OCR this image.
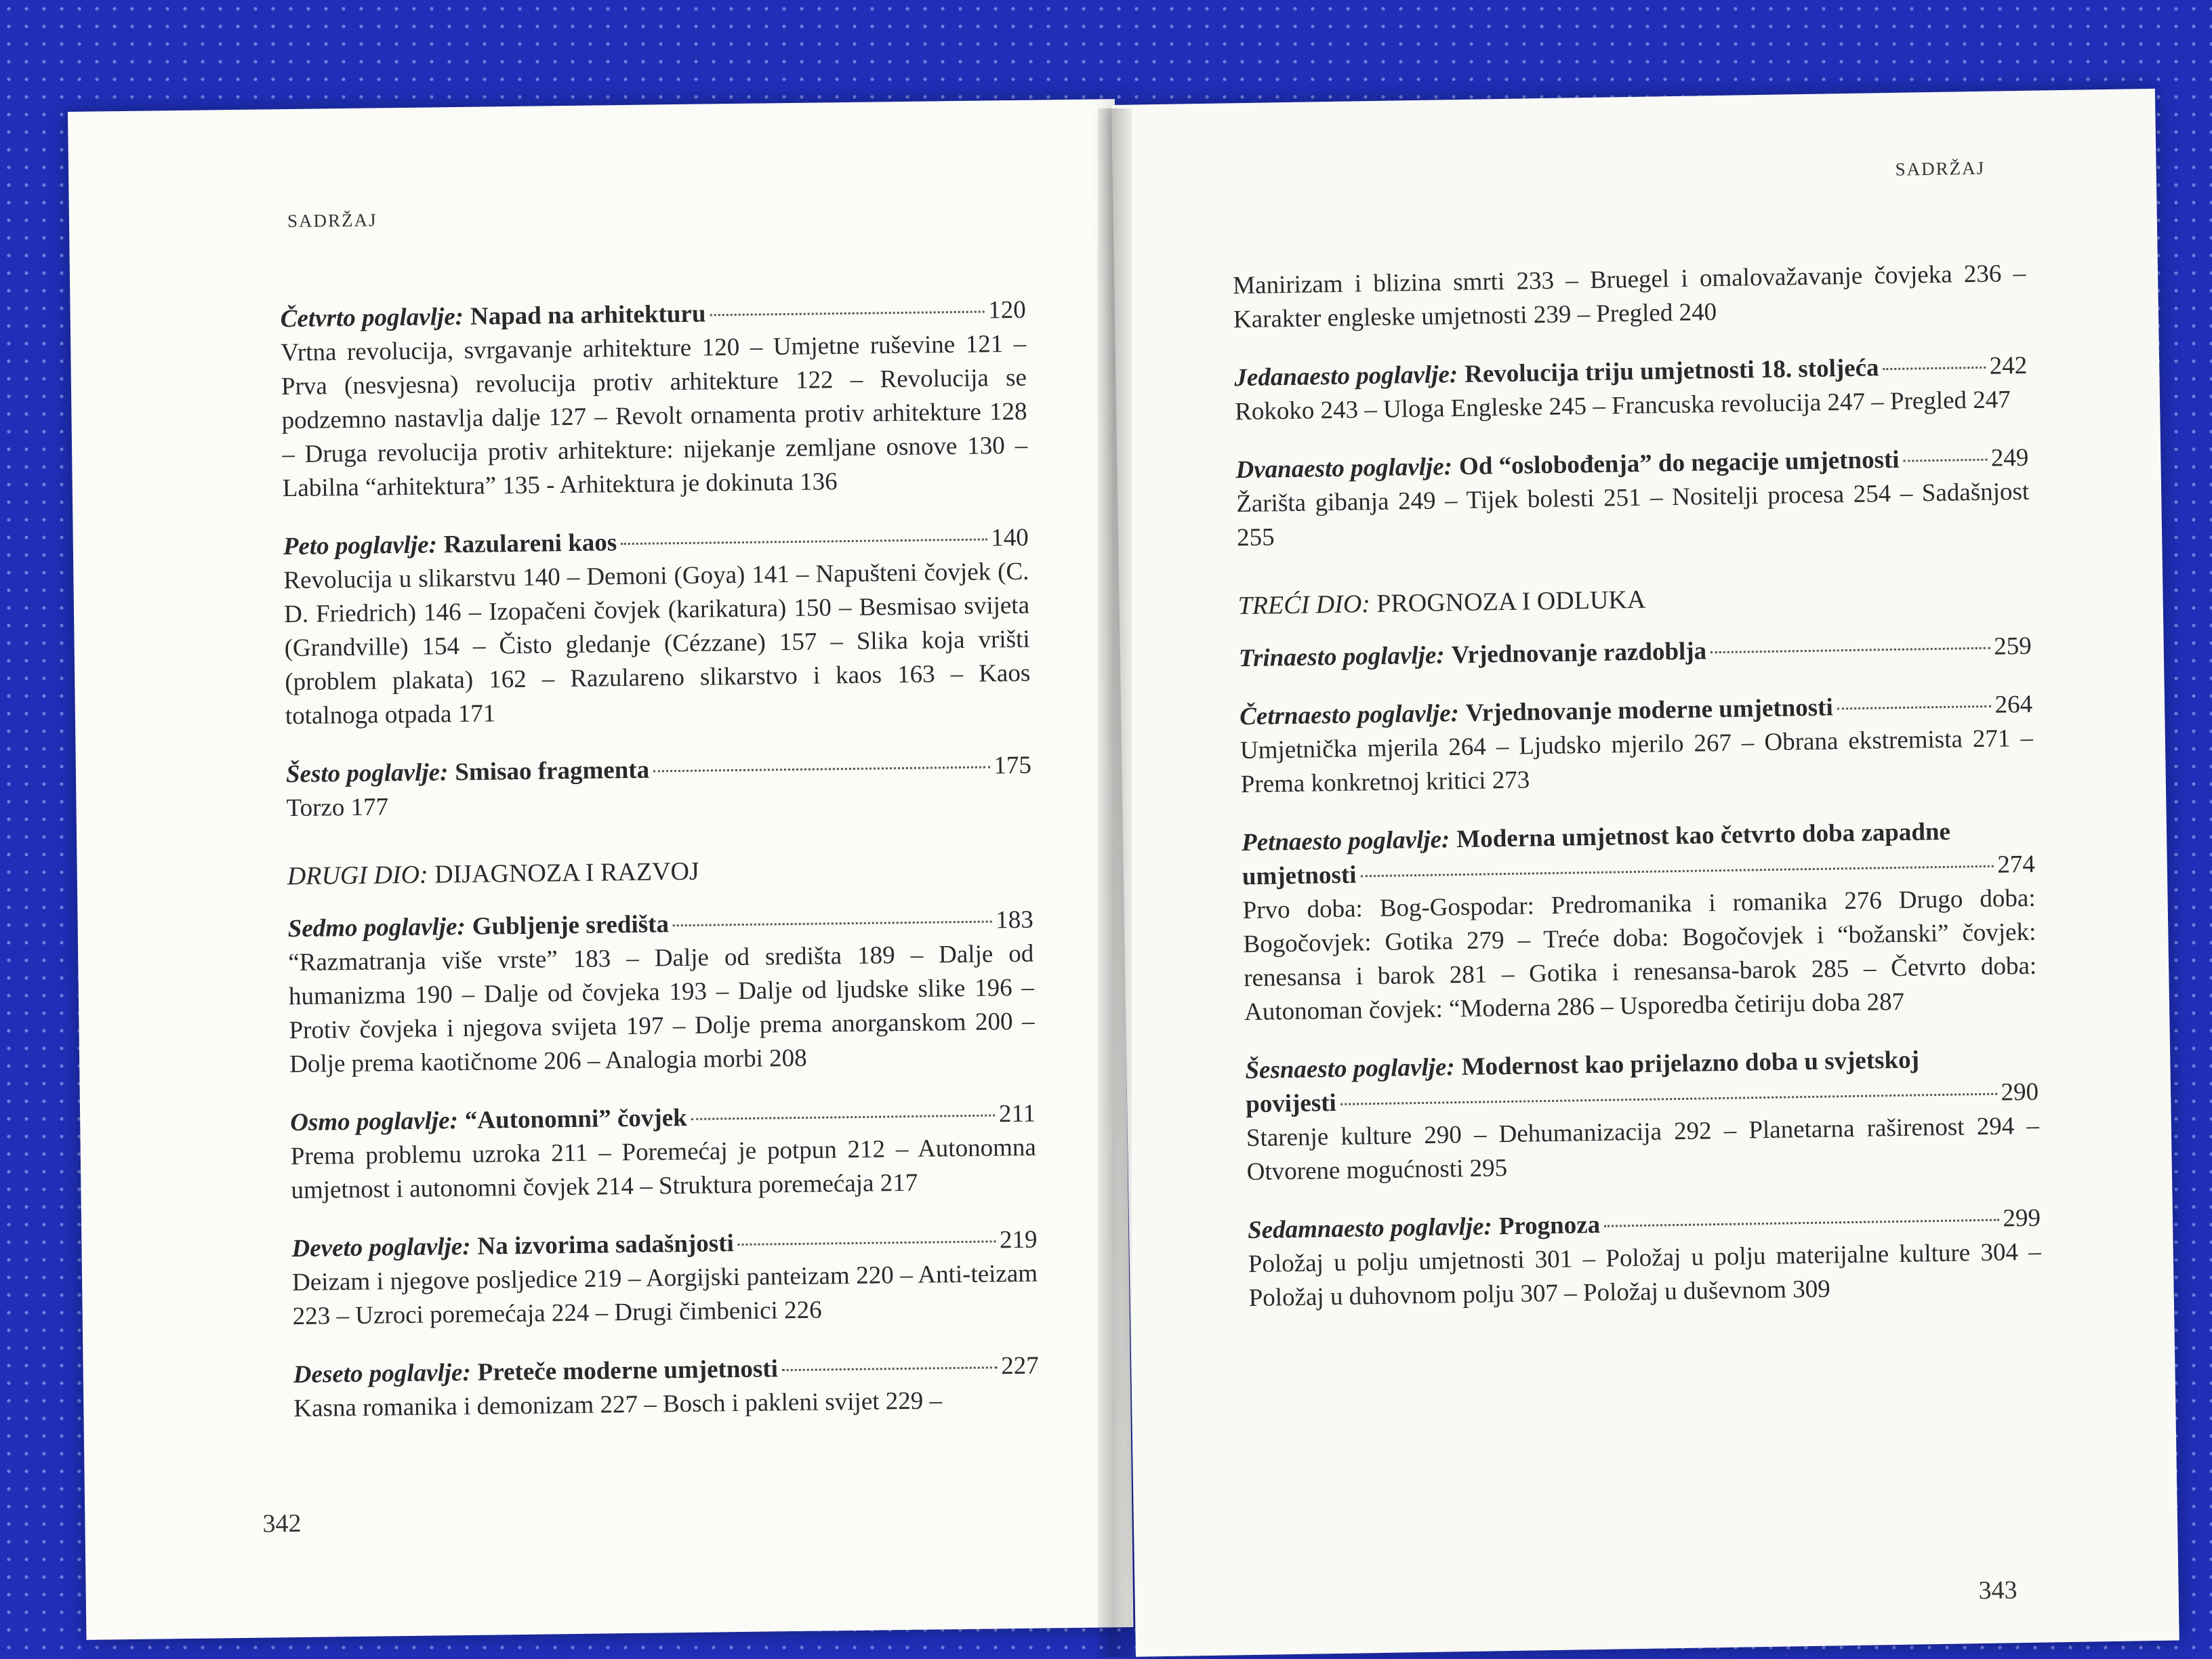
SADRŽAJ
Četvrto poglavlje: Napad na arhitekturu	120
Vrtna revolucija, svrgavanje arhitekture 120 – Umjetne ruševine 121 – Prva (nesvjesna) revolucija protiv arhitekture 122 – Revolucija se podzemno nastavlja dalje 127 – Revolt ornamenta protiv arhitekture 128 – Druga revolucija protiv arhitekture: nijekanje zemljane osnove 130 – Labilna “arhitektura” 135 - Arhitektura je dokinuta 136
Peto poglavlje: Razulareni kaos	140
Revolucija u slikarstvu 140 – Demoni (Goya) 141 – Napušteni čovjek (C. D. Friedrich) 146 – Izopačeni čovjek (karikatura) 150 – Besmisao svijeta (Grandville) 154 – Čisto gledanje (Cézzane) 157 – Slika koja vrišti (problem plakata) 162 – Razulareno slikarstvo i kaos 163 – Kaos totalnoga otpada 171
Šesto poglavlje: Smisao fragmenta	175
Torzo 177
DRUGI DIO: DIJAGNOZA I RAZVOJ
Sedmo poglavlje: Gubljenje središta	183
“Razmatranja više vrste” 183 – Dalje od središta 189 – Dalje od humanizma 190 – Dalje od čovjeka 193 – Dalje od ljudske slike 196 – Protiv čovjeka i njegova svijeta 197 – Dolje prema anorganskom 200 – Dolje prema kaotičnome 206 – Analogia morbi 208
Osmo poglavlje: “Autonomni” čovjek	211
Prema problemu uzroka 211 – Poremećaj je potpun 212 – Autonomna umjetnost i autonomni čovjek 214 – Struktura poremećaja 217
Deveto poglavlje: Na izvorima sadašnjosti	219
Deizam i njegove posljedice 219 – Aorgijski panteizam 220 – Anti-teizam 223 – Uzroci poremećaja 224 – Drugi čimbenici 226
Deseto poglavlje: Preteče moderne umjetnosti	227
Kasna romanika i demonizam 227 – Bosch i pakleni svijet 229 –
342
SADRŽAJ
Manirizam i blizina smrti 233 – Bruegel i omalovažavanje čovjeka 236 – Karakter engleske umjetnosti 239 – Pregled 240
Jedanaesto poglavlje: Revolucija triju umjetnosti 18. stoljeća	242
Rokoko 243 – Uloga Engleske 245 – Francuska revolucija 247 – Pregled 247
Dvanaesto poglavlje: Od “oslobođenja” do negacije umjetnosti	249
Žarišta gibanja 249 – Tijek bolesti 251 – Nositelji procesa 254 – Sadašnjost 255
TREĆI DIO: PROGNOZA I ODLUKA
Trinaesto poglavlje: Vrjednovanje razdoblja	259
Četrnaesto poglavlje: Vrjednovanje moderne umjetnosti	264
Umjetnička mjerila 264 – Ljudsko mjerilo 267 – Obrana ekstremista 271 – Prema konkretnoj kritici 273
Petnaesto poglavlje: Moderna umjetnost kao četvrto doba zapadne
umjetnosti	274
Prvo doba: Bog-Gospodar: Predromanika i romanika 276 Drugo doba: Bogočovjek: Gotika 279 – Treće doba: Bogočovjek i “božanski” čovjek: renesansa i barok 281 – Gotika i renesansa-barok 285 – Četvrto doba: Autonoman čovjek: “Moderna 286 – Usporedba četiriju doba 287
Šesnaesto poglavlje: Modernost kao prijelazno doba u svjetskoj
povijesti	290
Starenje kulture 290 – Dehumanizacija 292 – Planetarna raširenost 294 – Otvorene mogućnosti 295
Sedamnaesto poglavlje: Prognoza	299
Položaj u polju umjetnosti 301 – Položaj u polju materijalne kulture 304 – Položaj u duhovnom polju 307 – Položaj u duševnom 309
343
